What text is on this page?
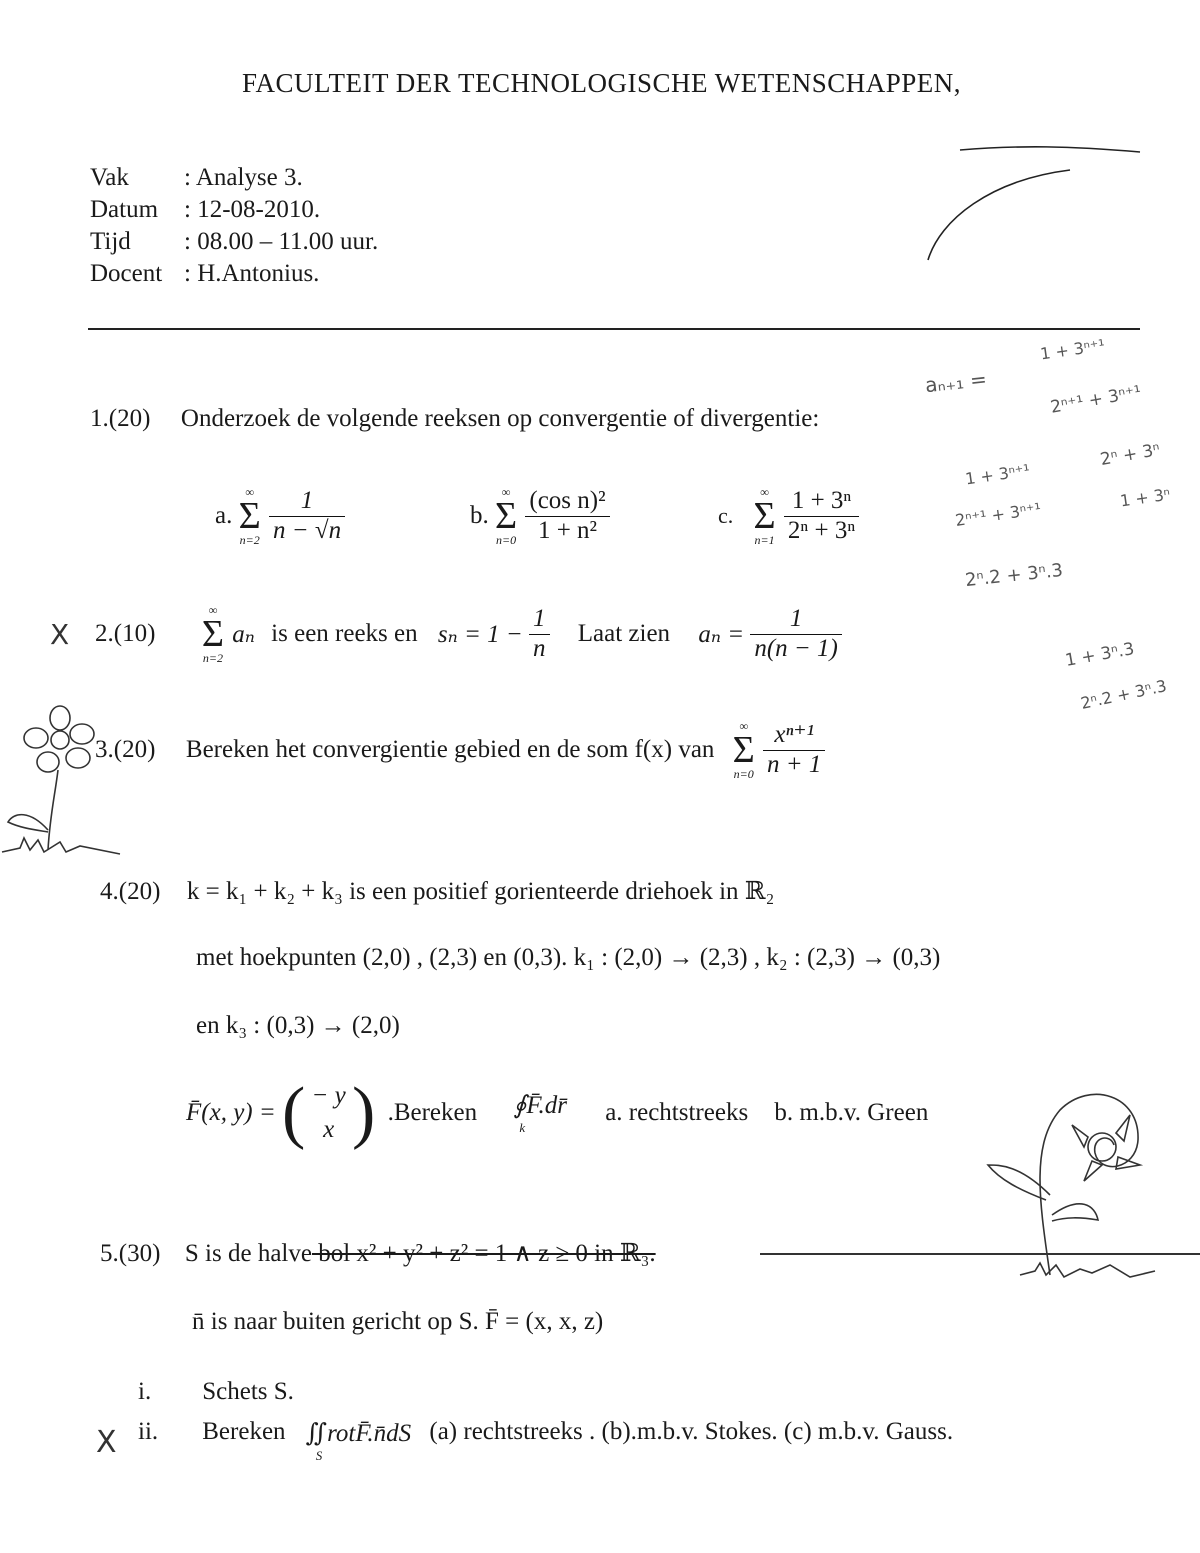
FACULTEIT DER TECHNOLOGISCHE WETENSCHAPPEN,
Vak	: Analyse 3.
Datum	: 12-08-2010.
Tijd	: 08.00 – 11.00 uur.
Docent	: H.Antonius.
1.(20) Onderzoek de volgende reeksen op convergentie of divergentie:
a.
∞
Σ
n=2
$\frac{1}{n - √n}$	b.
∞
Σ
n=0
$\frac{\text{(cos n)²}}{\text{1 + n²}}$	c.
∞
Σ
n=1
$\frac{\text{1 + 3ⁿ}}{\text{2ⁿ + 3ⁿ}}$
X 2.(10)
∞
Σ
n=2
aₙ is een reeks en $s_n = 1 - \frac{1}{n}$ Laat zien $a_n = \frac{1}{n(n - 1)}$
3.(20) Bereken het convergientie gebied en de som f(x) van
∞
Σ
n=0
$\frac{\text{xⁿ⁺¹}}{n + 1}$
4.(20) k = k₁ + k₂ + k₃ is een positief gorienteerde driehoek in ℝ₂
met hoekpunten (2,0) , (2,3) en (0,3). k₁ : (2,0) → (2,3) , k₂ : (2,3) → (0,3)
en k₃ : (0,3) → (2,0)
F̄(x, y) = ( − y
x ) .Bereken ∮F̄.dr̄
k
a. rechtstreeks b. m.b.v. Green
5.(30) S is de halve bol x² + y² + z² = 1 ∧ z ≥ 0 in ℝ₃.
n̄ is naar buiten gericht op S. F̄ = (x, x, z)
i. Schets S.
X ii. Bereken ∬rotF̄.n̄dS
S
(a) rechtstreeks . (b).m.b.v. Stokes. (c) m.b.v. Gauss.
aₙ₊₁ =
1 + 3ⁿ⁺¹
2ⁿ⁺¹ + 3ⁿ⁺¹
1 + 3ⁿ⁺¹
2ⁿ⁺¹ + 3ⁿ⁺¹
2ⁿ + 3ⁿ
1 + 3ⁿ
2ⁿ.2 + 3ⁿ.3
1 + 3ⁿ.3
2ⁿ.2 + 3ⁿ.3
